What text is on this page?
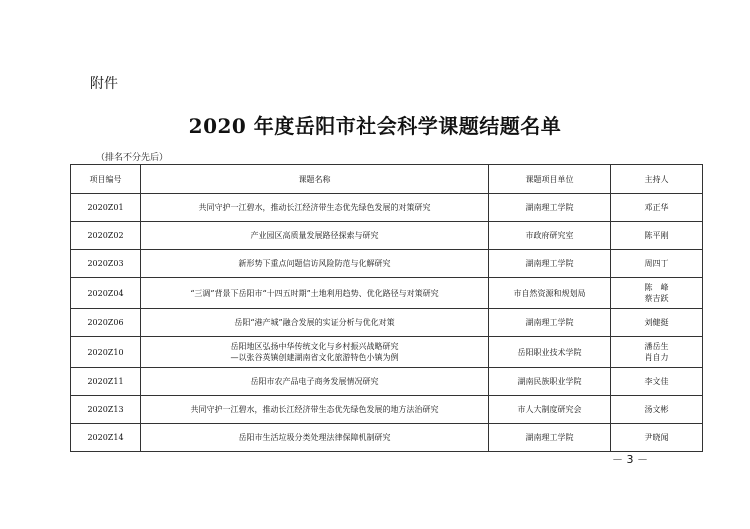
附件
2020 年度岳阳市社会科学课题结题名单
（排名不分先后）
项目编号	课题名称	课题项目单位	主持人
2020Z01	共同守护一江碧水，推动长江经济带生态优先绿色发展的对策研究	湖南理工学院	邓正华
2020Z02	产业园区高质量发展路径探索与研究	市政府研究室	陈平刚
2020Z03	新形势下重点问题信访风险防范与化解研究	湖南理工学院	周四丁
2020Z04	“三调”背景下岳阳市“十四五时期”土地利用趋势、优化路径与对策研究	市自然资源和规划局	陈　峰
蔡吉跃

2020Z06	岳阳“港产城”融合发展的实证分析与优化对策	湖南理工学院	刘健挺
2020Z10	岳阳地区弘扬中华传统文化与乡村振兴战略研究
—以张谷英镇创建湖南省文化旅游特色小镇为例	岳阳职业技术学院	潘岳生
肖自力

2020Z11	岳阳市农产品电子商务发展情况研究	湖南民族职业学院	李文佳
2020Z13	共同守护一江碧水，推动长江经济带生态优先绿色发展的地方法治研究	市人大制度研究会	汤文彬
2020Z14	岳阳市生活垃圾分类处理法律保障机制研究	湖南理工学院	尹晓闻
－ 3 －
